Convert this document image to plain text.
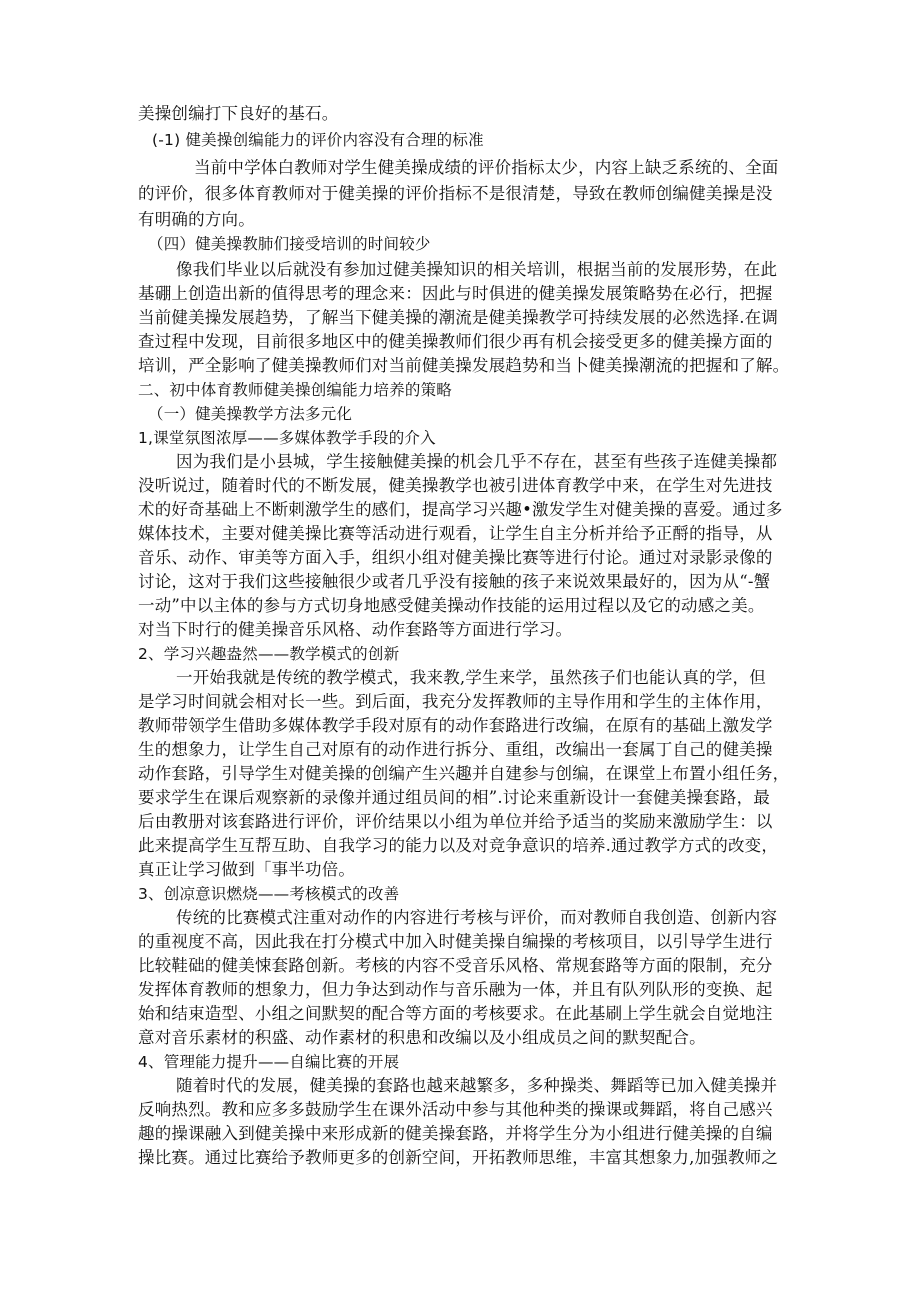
美操创编打下良好的基石。
(-1) 健美操创编能力的评价内容没有合理的标准
当前中学体白教师对学生健美操成绩的评价指标太少，内容上缺乏系统的、全面
的评价，很多体育教师对于健美操的评价指标不是很清楚，导致在教师创编健美操是没
有明确的方向。
（四）健美操教肺们接受培训的时间较少
像我们毕业以后就没有参加过健美操知识的相关培训，根据当前的发展形势，在此
基硼上创造出新的值得思考的理念来：因此与时俱进的健美操发展策略势在必行，把握
当前健美操发展趋势，了解当下健美操的潮流是健美操教学可持续发展的必然选择.在调
查过程中发现，目前很多地区中的健美操教师们很少再有机会接受更多的健美操方面的
培训，严全影响了健美操教师们对当前健美操发展趋势和当卜健美操潮流的把握和了解。
二、初中体育教师健美操创编能力培养的策略
（一）健美操教学方法多元化
1,课堂氛图浓厚——多媒体教学手段的介入
因为我们是小县城，学生接触健美操的机会几乎不存在，甚至有些孩子连健美操都
没听说过，随着时代的不断发展，健美操教学也被引进体育教学中来，在学生对先进技
术的好奇基础上不断刺激学生的感们，提高学习兴趣•激发学生对健美操的喜爱。通过多
媒体技术，主要对健美操比赛等活动进行观看，让学生自主分析并给予正酹的指导，从
音乐、动作、审美等方面入手，组织小组对健美操比赛等进行付论。通过对录影录像的
讨论，这对于我们这些接触很少或者几乎没有接触的孩子来说效果最好的，因为从“-蟹
一动”中以主体的参与方式切身地感受健美操动作技能的运用过程以及它的动感之美。
对当下时行的健美操音乐风格、动作套路等方面进行学习。
2、学习兴趣盎然——教学模式的创新
一开始我就是传统的教学模式，我来教,学生来学，虽然孩子们也能认真的学，但
是学习时间就会相对长一些。到后面，我充分发挥教师的主导作用和学生的主体作用，
教师带领学生借助多媒体教学手段对原有的动作套路进行改编，在原有的基础上激发学
生的想象力，让学生自己对原有的动作进行拆分、重组，改编出一套属丁自己的健美操
动作套路，引导学生对健美操的创编产生兴趣并自建参与创编，在课堂上布置小组任务，
要求学生在课后观察新的录像并通过组员间的相”.讨论来重新设计一套健美操套路，最
后由教册对该套路进行评价，评价结果以小组为单位并给予适当的奖励来激励学生：以
此来提高学生互帮互助、自我学习的能力以及对竞争意识的培养.通过教学方式的改变，
真正让学习做到「事半功倍。
3、创凉意识燃烧——考核模式的改善
传统的比赛模式注重对动作的内容进行考核与评价，而对教师自我创造、创新内容
的重视度不高，因此我在打分模式中加入时健美操自编操的考核项目，以引导学生进行
比较鞋础的健美悚套路创新。考核的内容不受音乐风格、常规套路等方面的限制，充分
发挥体育教师的想象力，但力争达到动作与音乐融为一体，并且有队列队形的变换、起
始和结束造型、小组之间默契的配合等方面的考核要求。在此基刷上学生就会自觉地注
意对音乐素材的积盛、动作素材的积患和改编以及小组成员之间的默契配合。
4、管理能力提升——自编比赛的开展
随着时代的发展，健美操的套路也越来越繁多，多种操类、舞蹈等已加入健美操并
反响热烈。教和应多多鼓励学生在课外活动中参与其他种类的操课或舞蹈，将自己感兴
趣的操课融入到健美操中来形成新的健美操套路，并将学生分为小组进行健美操的自编
操比赛。通过比赛给予教师更多的创新空间，开拓教师思维，丰富其想象力,加强教师之
